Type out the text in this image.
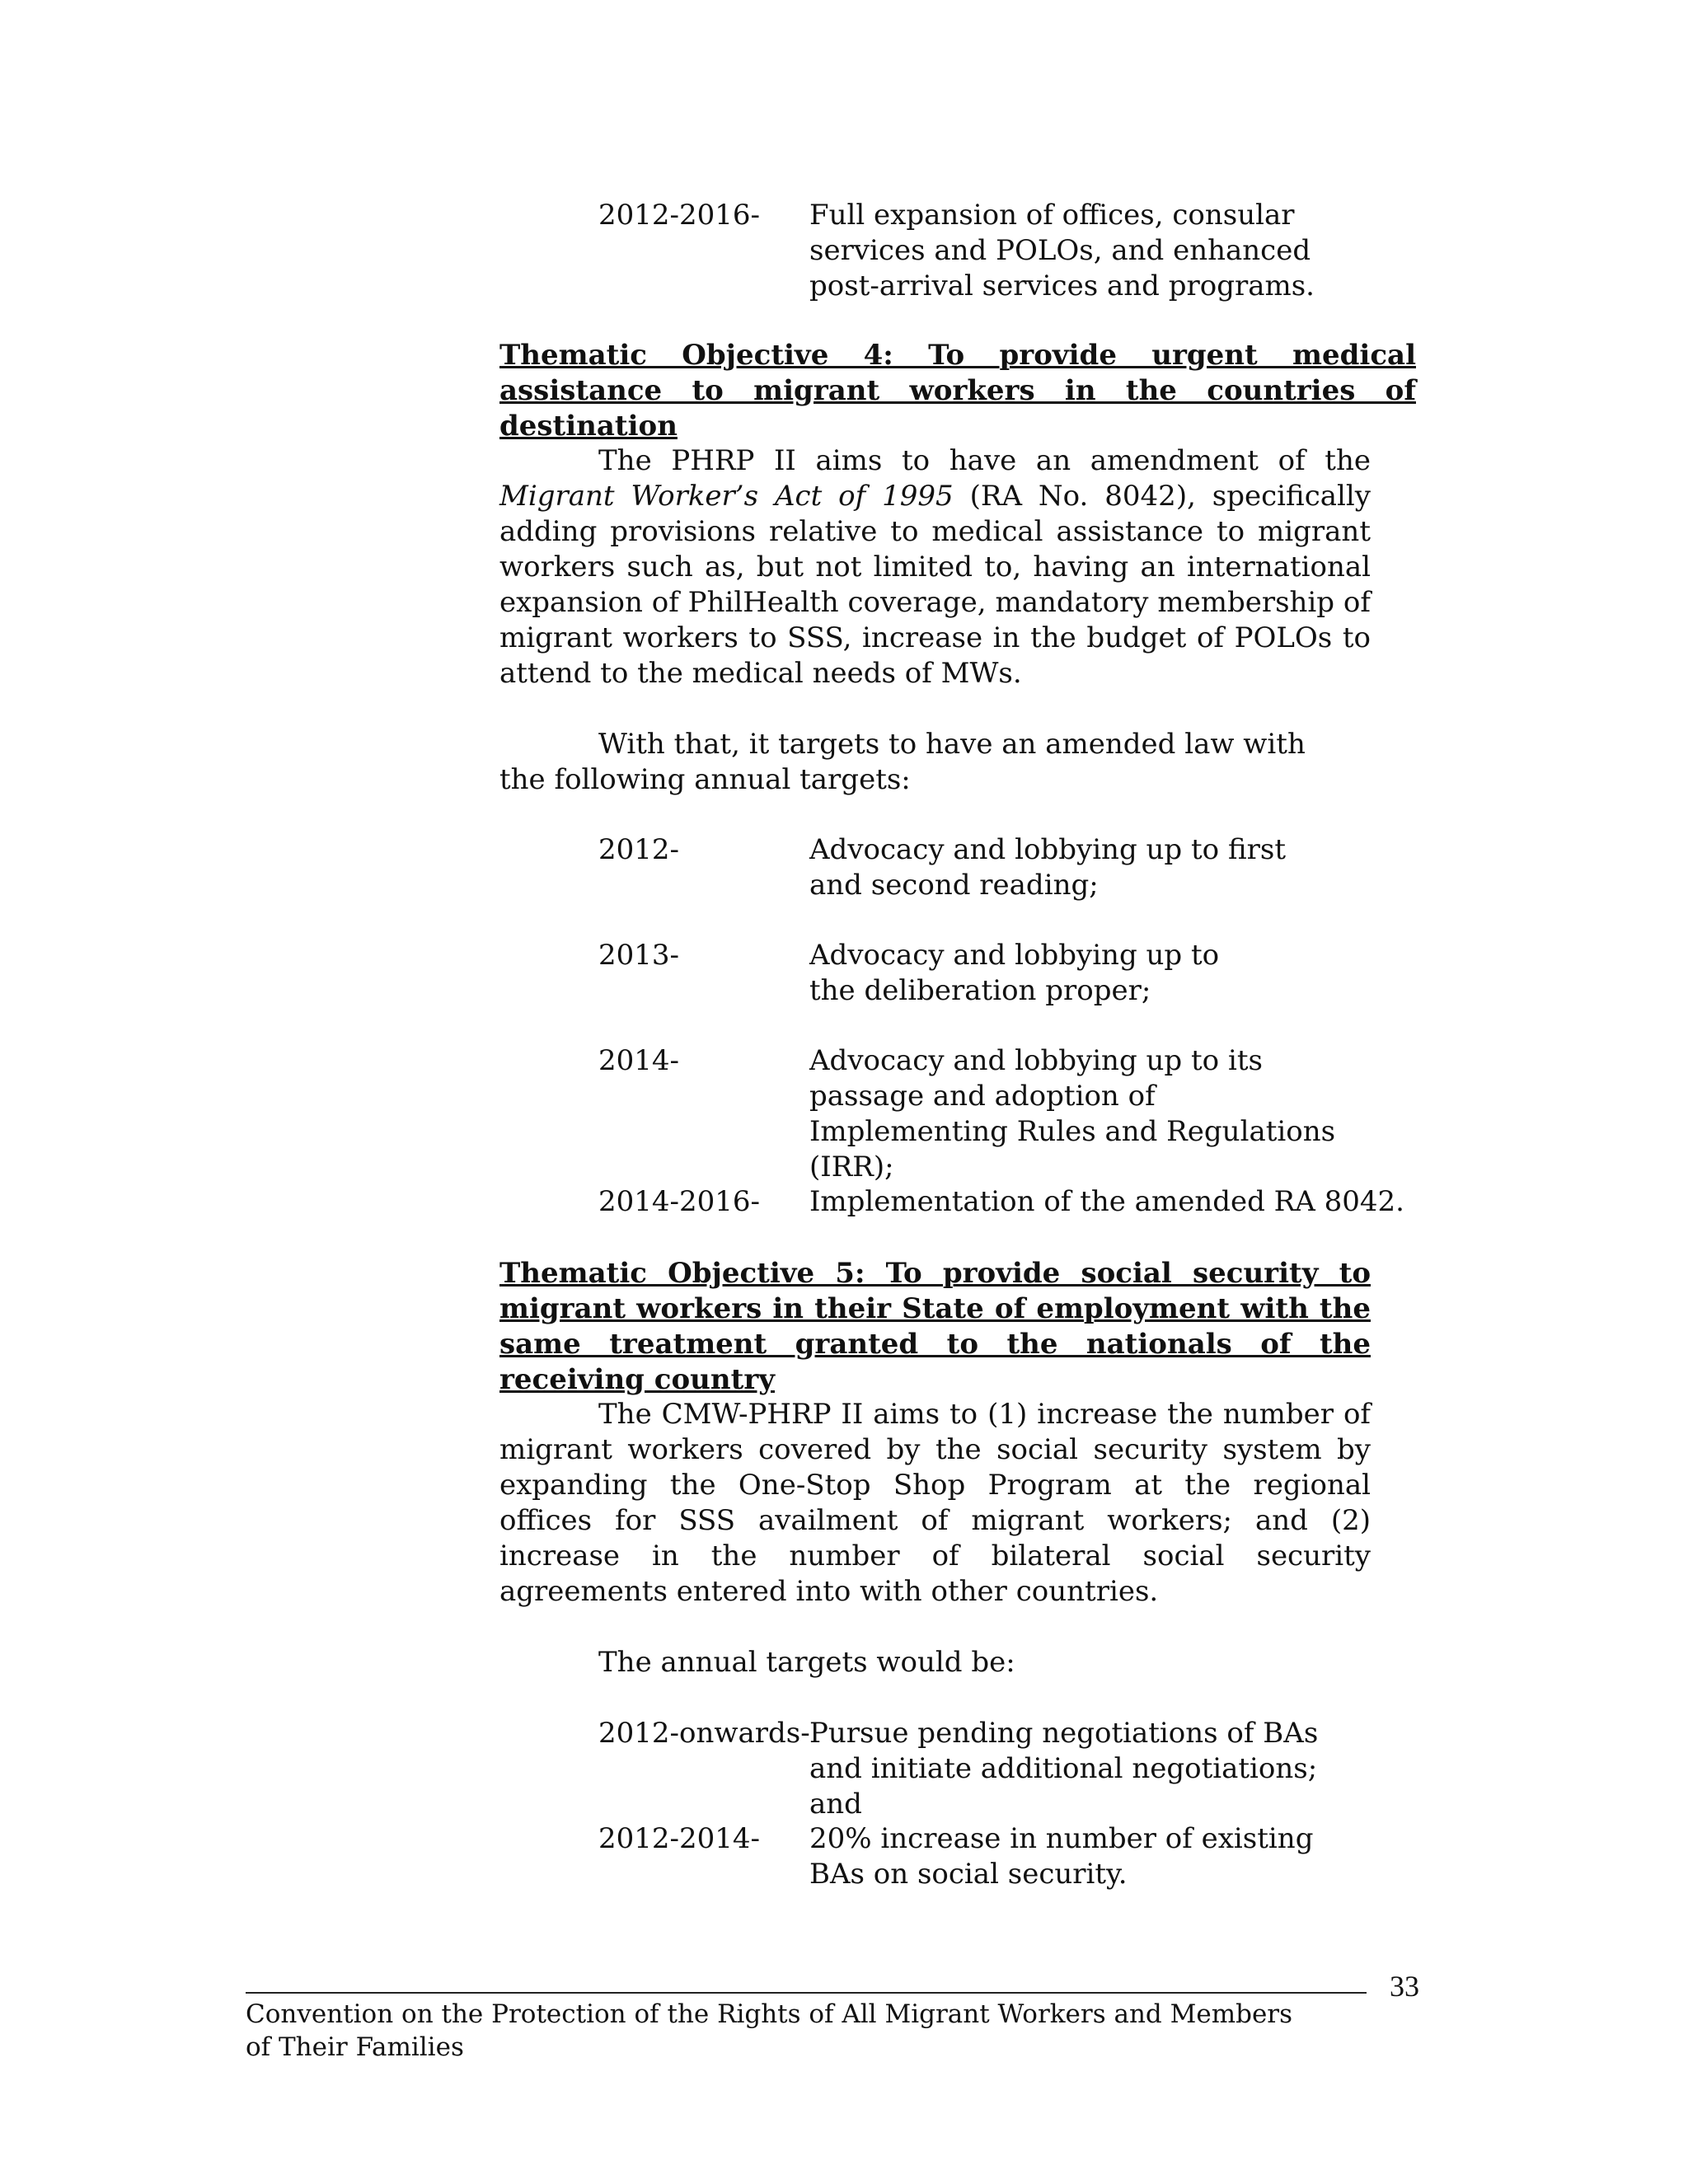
2012-2016- Full expansion of offices, consular services and POLOs, and enhanced post-arrival services and programs.

Thematic Objective 4: To provide urgent medical assistance to migrant workers in the countries of destination

The PHRP II aims to have an amendment of the Migrant Worker’s Act of 1995 (RA No. 8042), specifically adding provisions relative to medical assistance to migrant workers such as, but not limited to, having an international expansion of PhilHealth coverage, mandatory membership of migrant workers to SSS, increase in the budget of POLOs to attend to the medical needs of MWs.

With that, it targets to have an amended law with the following annual targets:

2012-	Advocacy and lobbying up to first and second reading;
2013-	Advocacy and lobbying up to the deliberation proper;
2014-	Advocacy and lobbying up to its passage and adoption of Implementing Rules and Regulations (IRR);
2014-2016- Implementation of the amended RA 8042.

Thematic Objective 5: To provide social security to migrant workers in their State of employment with the same treatment granted to the nationals of the receiving country

The CMW-PHRP II aims to (1) increase the number of migrant workers covered by the social security system by expanding the One-Stop Shop Program at the regional offices for SSS availment of migrant workers; and (2) increase in the number of bilateral social security agreements entered into with other countries.

The annual targets would be:

2012-onwards- Pursue pending negotiations of BAs and initiate additional negotiations; and
2012-2014- 20% increase in number of existing BAs on social security.
33
Convention on the Protection of the Rights of All Migrant Workers and Members of Their Families
